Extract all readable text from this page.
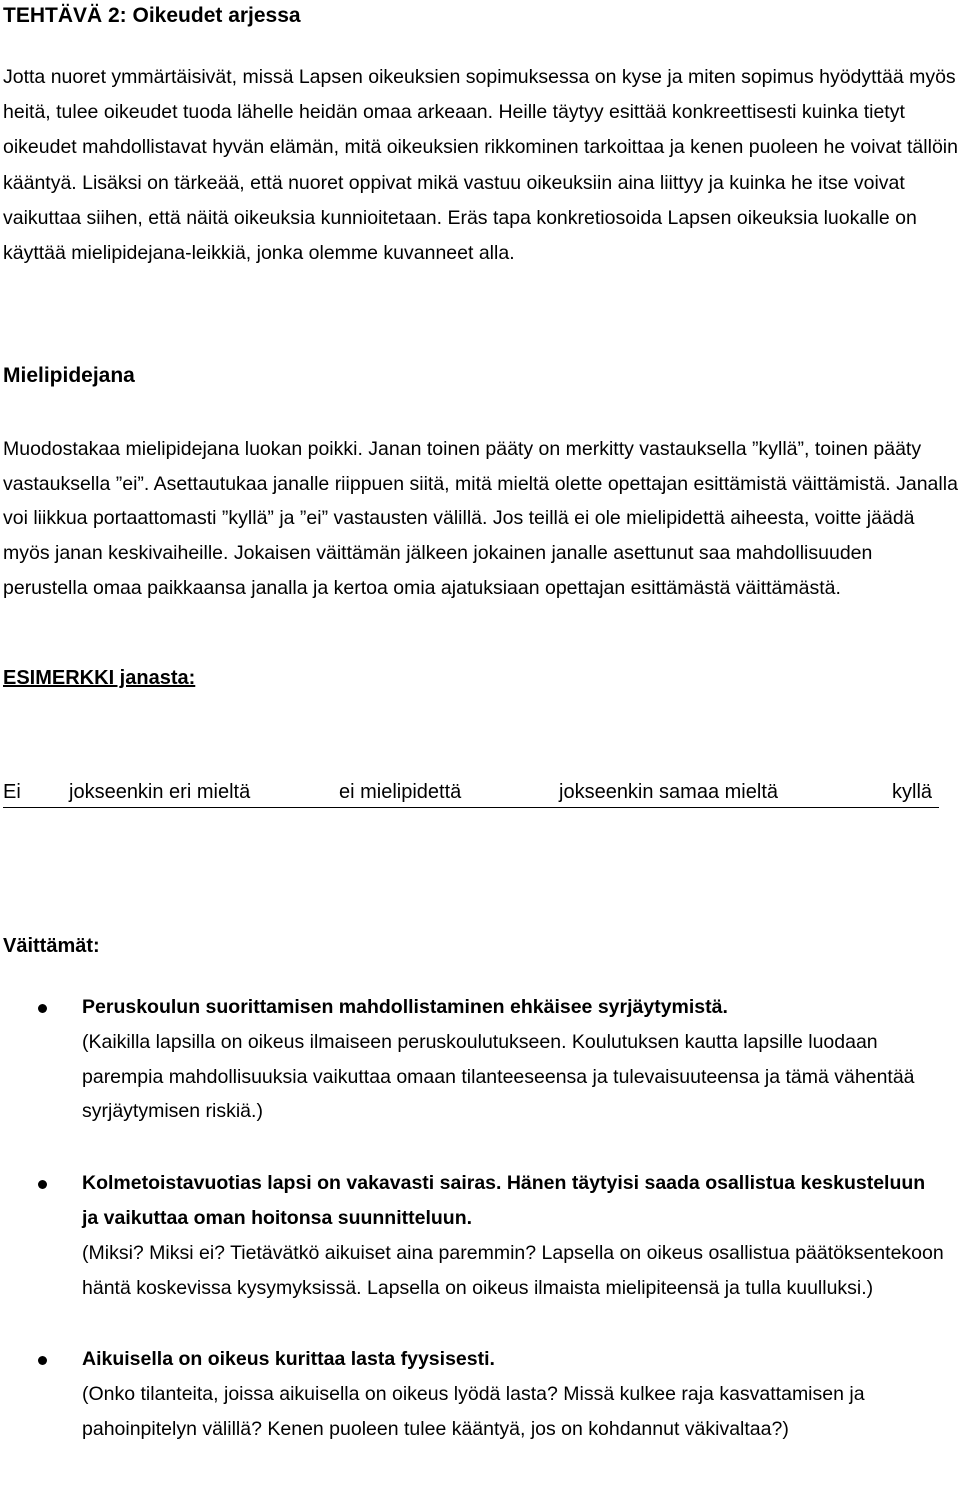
TEHTÄVÄ 2: Oikeudet arjessa
Jotta nuoret ymmärtäisivät, missä Lapsen oikeuksien sopimuksessa on kyse ja miten sopimus hyödyttää myös heitä, tulee oikeudet tuoda lähelle heidän omaa arkeaan. Heille täytyy esittää konkreettisesti kuinka tietyt oikeudet mahdollistavat hyvän elämän, mitä oikeuksien rikkominen tarkoittaa ja kenen puoleen he voivat tällöin kääntyä. Lisäksi on tärkeää, että nuoret oppivat mikä vastuu oikeuksiin aina liittyy ja kuinka he itse voivat vaikuttaa siihen, että näitä oikeuksia kunnioitetaan. Eräs tapa konkretiosoida Lapsen oikeuksia luokalle on käyttää mielipidejana-leikkiä, jonka olemme kuvanneet alla.
Mielipidejana
Muodostakaa mielipidejana luokan poikki. Janan toinen pääty on merkitty vastauksella ”kyllä”, toinen pääty vastauksella ”ei”. Asettautukaa janalle riippuen siitä, mitä mieltä olette opettajan esittämistä väittämistä. Janalla voi liikkua portaattomasti ”kyllä” ja ”ei” vastausten välillä. Jos teillä ei ole mielipidettä aiheesta, voitte jäädä myös janan keskivaiheille. Jokaisen väittämän jälkeen jokainen janalle asettunut saa mahdollisuuden perustella omaa paikkaansa janalla ja kertoa omia ajatuksiaan opettajan esittämästä väittämästä.
ESIMERKKI janasta:
Ei jokseenkin eri mieltä	ei mielipidettä	jokseenkin samaa mieltä	kyllä
Väittämät:
Peruskoulun suorittamisen mahdollistaminen ehkäisee syrjäytymistä.
(Kaikilla lapsilla on oikeus ilmaiseen peruskoulutukseen. Koulutuksen kautta lapsille luodaan parempia mahdollisuuksia vaikuttaa omaan tilanteeseensa ja tulevaisuuteensa ja tämä vähentää syrjäytymisen riskiä.)
Kolmetoistavuotias lapsi on vakavasti sairas. Hänen täytyisi saada osallistua keskusteluun ja vaikuttaa oman hoitonsa suunnitteluun.
(Miksi? Miksi ei? Tietävätkö aikuiset aina paremmin? Lapsella on oikeus osallistua päätöksentekoon häntä koskevissa kysymyksissä. Lapsella on oikeus ilmaista mielipiteensä ja tulla kuulluksi.)
Aikuisella on oikeus kurittaa lasta fyysisesti.
(Onko tilanteita, joissa aikuisella on oikeus lyödä lasta? Missä kulkee raja kasvattamisen ja pahoinpitelyn välillä? Kenen puoleen tulee kääntyä, jos on kohdannut väkivaltaa?)
